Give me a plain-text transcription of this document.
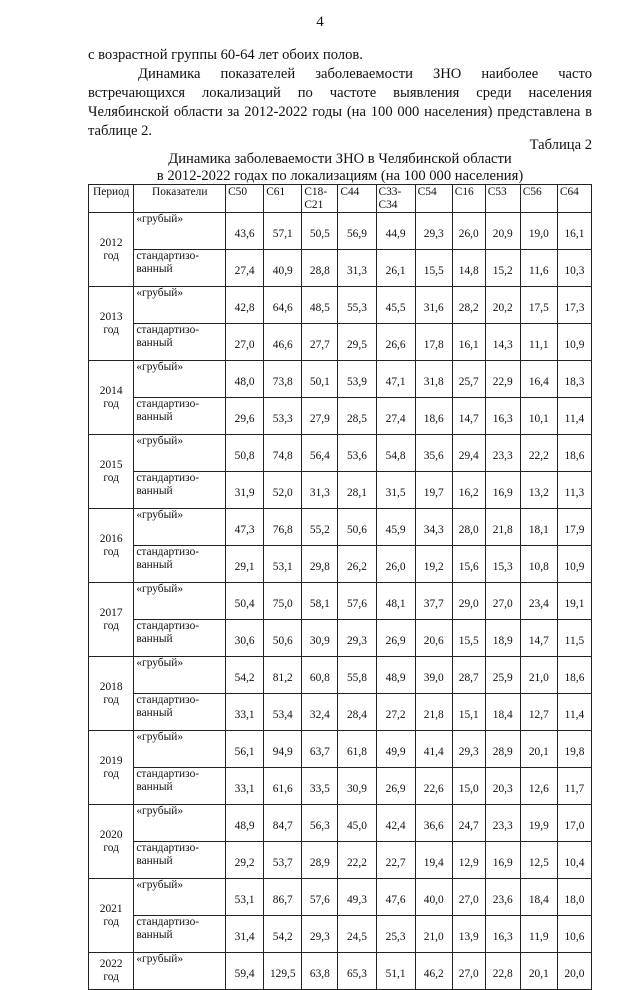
4

с возрастной группы 60-64 лет обоих полов.

Динамика показателей заболеваемости ЗНО наиболее часто встречающихся локализаций по частоте выявления среди населения Челябинской области за 2012-2022 годы (на 100 000 населения) представлена в таблице 2.
Таблица 2
Динамика заболеваемости ЗНО в Челябинской области
в 2012-2022 годах по локализациям (на 100 000 населения)
Период	Показатели	С50	С61	С18-С21	С44	С33-С34	С54	С16	С53	С56	С64
2012 год	«грубый»	43,6	57,1	50,5	56,9	44,9	29,3	26,0	20,9	19,0	16,1
	стандартизо-ванный	27,4	40,9	28,8	31,3	26,1	15,5	14,8	15,2	11,6	10,3
2013 год	«грубый»	42,8	64,6	48,5	55,3	45,5	31,6	28,2	20,2	17,5	17,3
	стандартизо-ванный	27,0	46,6	27,7	29,5	26,6	17,8	16,1	14,3	11,1	10,9
2014 год	«грубый»	48,0	73,8	50,1	53,9	47,1	31,8	25,7	22,9	16,4	18,3
	стандартизо-ванный	29,6	53,3	27,9	28,5	27,4	18,6	14,7	16,3	10,1	11,4
2015 год	«грубый»	50,8	74,8	56,4	53,6	54,8	35,6	29,4	23,3	22,2	18,6
	стандартизо-ванный	31,9	52,0	31,3	28,1	31,5	19,7	16,2	16,9	13,2	11,3
2016 год	«грубый»	47,3	76,8	55,2	50,6	45,9	34,3	28,0	21,8	18,1	17,9
	стандартизо-ванный	29,1	53,1	29,8	26,2	26,0	19,2	15,6	15,3	10,8	10,9
2017 год	«грубый»	50,4	75,0	58,1	57,6	48,1	37,7	29,0	27,0	23,4	19,1
	стандартизо-ванный	30,6	50,6	30,9	29,3	26,9	20,6	15,5	18,9	14,7	11,5
2018 год	«грубый»	54,2	81,2	60,8	55,8	48,9	39,0	28,7	25,9	21,0	18,6
	стандартизо-ванный	33,1	53,4	32,4	28,4	27,2	21,8	15,1	18,4	12,7	11,4
2019 год	«грубый»	56,1	94,9	63,7	61,8	49,9	41,4	29,3	28,9	20,1	19,8
	стандартизо-ванный	33,1	61,6	33,5	30,9	26,9	22,6	15,0	20,3	12,6	11,7
2020 год	«грубый»	48,9	84,7	56,3	45,0	42,4	36,6	24,7	23,3	19,9	17,0
	стандартизо-ванный	29,2	53,7	28,9	22,2	22,7	19,4	12,9	16,9	12,5	10,4
2021 год	«грубый»	53,1	86,7	57,6	49,3	47,6	40,0	27,0	23,6	18,4	18,0
	стандартизо-ванный	31,4	54,2	29,3	24,5	25,3	21,0	13,9	16,3	11,9	10,6
2022 год	«грубый»	59,4	129,5	63,8	65,3	51,1	46,2	27,0	22,8	20,1	20,0
